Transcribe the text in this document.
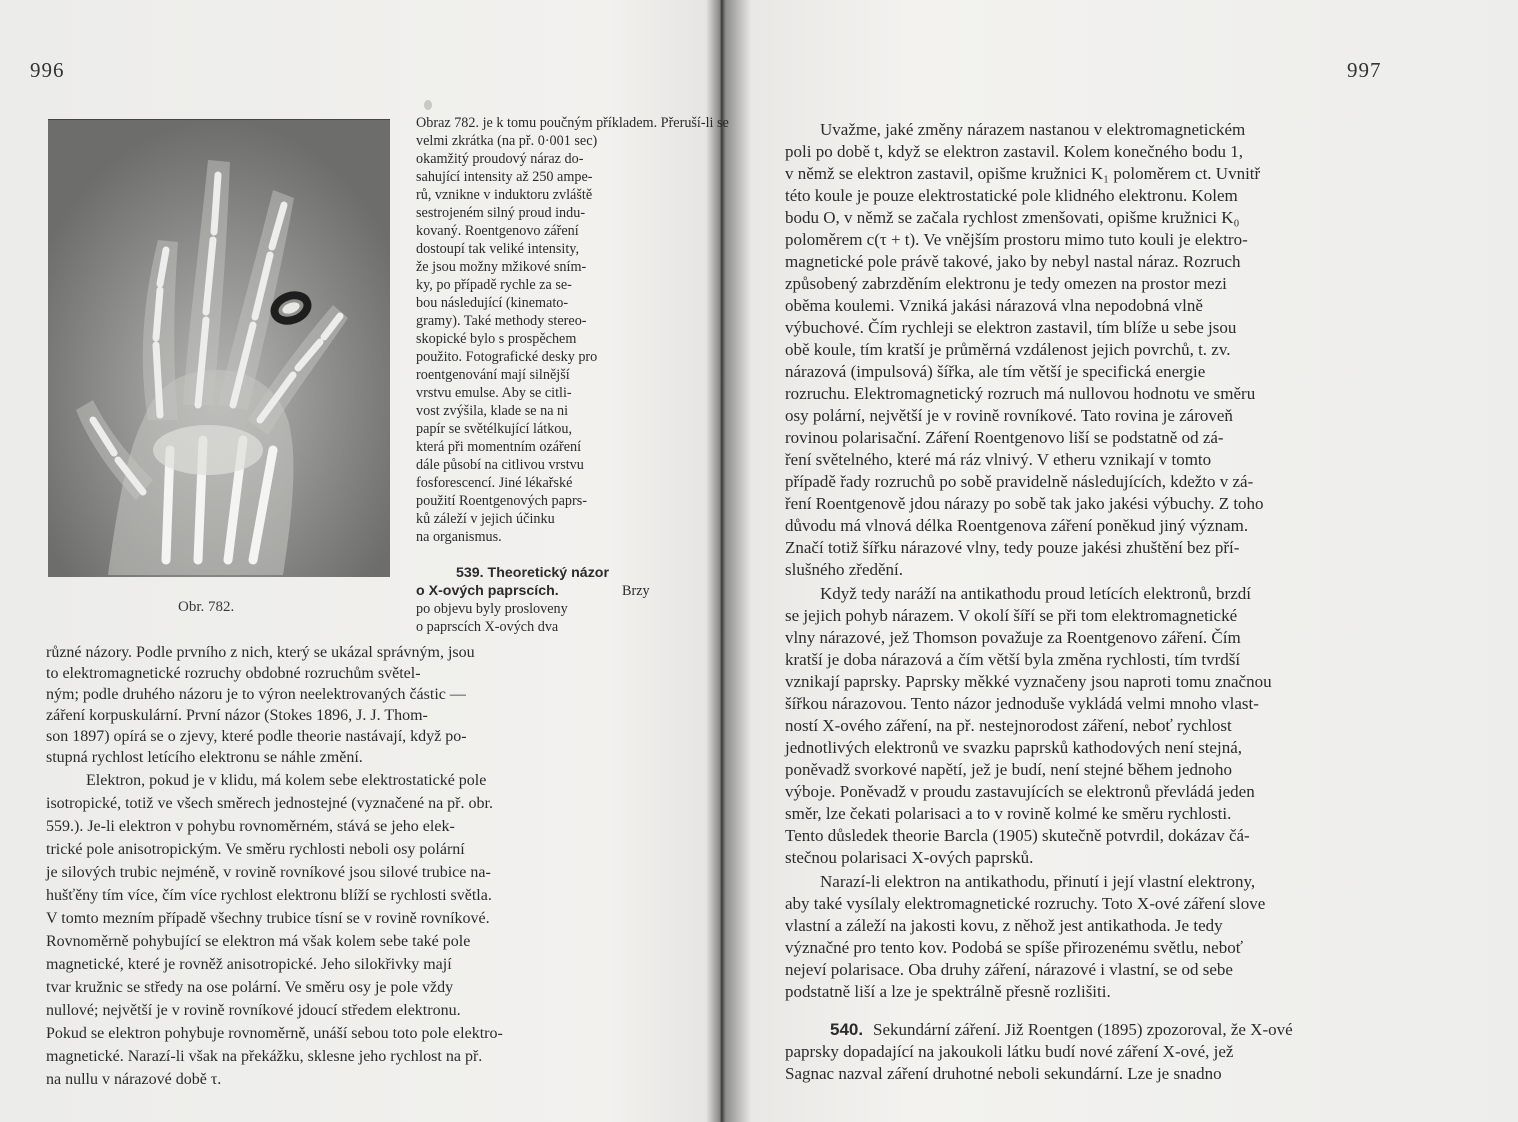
996
Obr. 782.
Obraz 782. je k tomu poučným příkladem. Přeruší-li se
velmi zkrátka (na př. 0·001 sec)
okamžitý proudový náraz do-
sahující intensity až 250 ampe-
rů, vznikne v induktoru zvláště
sestrojeném silný proud indu-
kovaný. Roentgenovo záření
dostoupí tak veliké intensity,
že jsou možny mžikové sním-
ky, po případě rychle za se-
bou následující (kinemato-
gramy). Také methody stereo-
skopické bylo s prospěchem
použito. Fotografické desky pro
roentgenování mají silnější
vrstvu emulse. Aby se citli-
vost zvýšila, klade se na ni
papír se světélkující látkou,
která při momentním ozáření
dále působí na citlivou vrstvu
fosforescencí. Jiné lékařské
použití Roentgenových paprs-
ků záleží v jejich účinku
na organismus.
539. Theoretický názor
o X-ových paprscích.	Brzy
po objevu byly prosloveny
o paprscích X-ových dva
různé názory. Podle prvního z nich, který se ukázal správným, jsou
to elektromagnetické rozruchy obdobné rozruchům světel-
ným; podle druhého názoru je to výron neelektrovaných částic —
záření korpuskulární. První názor (Stokes 1896, J. J. Thom-
son 1897) opírá se o zjevy, které podle theorie nastávají, když po-
stupná rychlost letícího elektronu se náhle změní.
Elektron, pokud je v klidu, má kolem sebe elektrostatické pole
isotropické, totiž ve všech směrech jednostejné (vyznačené na př. obr.
559.). Je-li elektron v pohybu rovnoměrném, stává se jeho elek-
trické pole anisotropickým. Ve směru rychlosti neboli osy polární
je silových trubic nejméně, v rovině rovníkové jsou silové trubice na-
hušťěny tím více, čím více rychlost elektronu blíží se rychlosti světla.
V tomto mezním případě všechny trubice tísní se v rovině rovníkové.
Rovnoměrně pohybující se elektron má však kolem sebe také pole
magnetické, které je rovněž anisotropické. Jeho silokřivky mají
tvar kružnic se středy na ose polární. Ve směru osy je pole vždy
nullové; největší je v rovině rovníkové jdoucí středem elektronu.
Pokud se elektron pohybuje rovnoměrně, unáší sebou toto pole elektro-
magnetické. Narazí-li však na překážku, sklesne jeho rychlost na př.
na nullu v nárazové době τ.
997
Uvažme, jaké změny nárazem nastanou v elektromagnetickém
poli po době t, když se elektron zastavil. Kolem konečného bodu 1,
v němž se elektron zastavil, opišme kružnici K₁ poloměrem ct. Uvnitř
této koule je pouze elektrostatické pole klidného elektronu. Kolem
bodu O, v němž se začala rychlost zmenšovati, opišme kružnici K₀
poloměrem c(τ + t). Ve vnějším prostoru mimo tuto kouli je elektro-
magnetické pole právě takové, jako by nebyl nastal náraz. Rozruch
způsobený zabrzděním elektronu je tedy omezen na prostor mezi
oběma koulemi. Vzniká jakási nárazová vlna nepodobná vlně
výbuchové. Čím rychleji se elektron zastavil, tím blíže u sebe jsou
obě koule, tím kratší je průměrná vzdálenost jejich povrchů, t. zv.
nárazová (impulsová) šířka, ale tím větší je specifická energie
rozruchu. Elektromagnetický rozruch má nullovou hodnotu ve směru
osy polární, největší je v rovině rovníkové. Tato rovina je zároveň
rovinou polarisační. Záření Roentgenovo liší se podstatně od zá-
ření světelného, které má ráz vlnivý. V etheru vznikají v tomto
případě řady rozruchů po sobě pravidelně následujících, kdežto v zá-
ření Roentgenově jdou nárazy po sobě tak jako jakési výbuchy. Z toho
důvodu má vlnová délka Roentgenova záření poněkud jiný význam.
Značí totiž šířku nárazové vlny, tedy pouze jakési zhuštění bez pří-
slušného zředění.
Když tedy naráží na antikathodu proud letících elektronů, brzdí
se jejich pohyb nárazem. V okolí šíří se při tom elektromagnetické
vlny nárazové, jež Thomson považuje za Roentgenovo záření. Čím
kratší je doba nárazová a čím větší byla změna rychlosti, tím tvrdší
vznikají paprsky. Paprsky měkké vyznačeny jsou naproti tomu značnou
šířkou nárazovou. Tento názor jednoduše vykládá velmi mnoho vlast-
ností X-ového záření, na př. nestejnorodost záření, neboť rychlost
jednotlivých elektronů ve svazku paprsků kathodových není stejná,
poněvadž svorkové napětí, jež je budí, není stejné během jednoho
výboje. Poněvadž v proudu zastavujících se elektronů převládá jeden
směr, lze čekati polarisaci a to v rovině kolmé ke směru rychlosti.
Tento důsledek theorie Barcla (1905) skutečně potvrdil, dokázav čá-
stečnou polarisaci X-ových paprsků.
Narazí-li elektron na antikathodu, přinutí i její vlastní elektrony,
aby také vysílaly elektromagnetické rozruchy. Toto X-ové záření slove
vlastní a záleží na jakosti kovu, z něhož jest antikathoda. Je tedy
význačné pro tento kov. Podobá se spíše přirozenému světlu, neboť
nejeví polarisace. Oba druhy záření, nárazové i vlastní, se od sebe
podstatně liší a lze je spektrálně přesně rozlišiti.
540. Sekundární záření. Již Roentgen (1895) zpozoroval, že X-ové
paprsky dopadající na jakoukoli látku budí nové záření X-ové, jež
Sagnac nazval záření druhotné neboli sekundární. Lze je snadno
